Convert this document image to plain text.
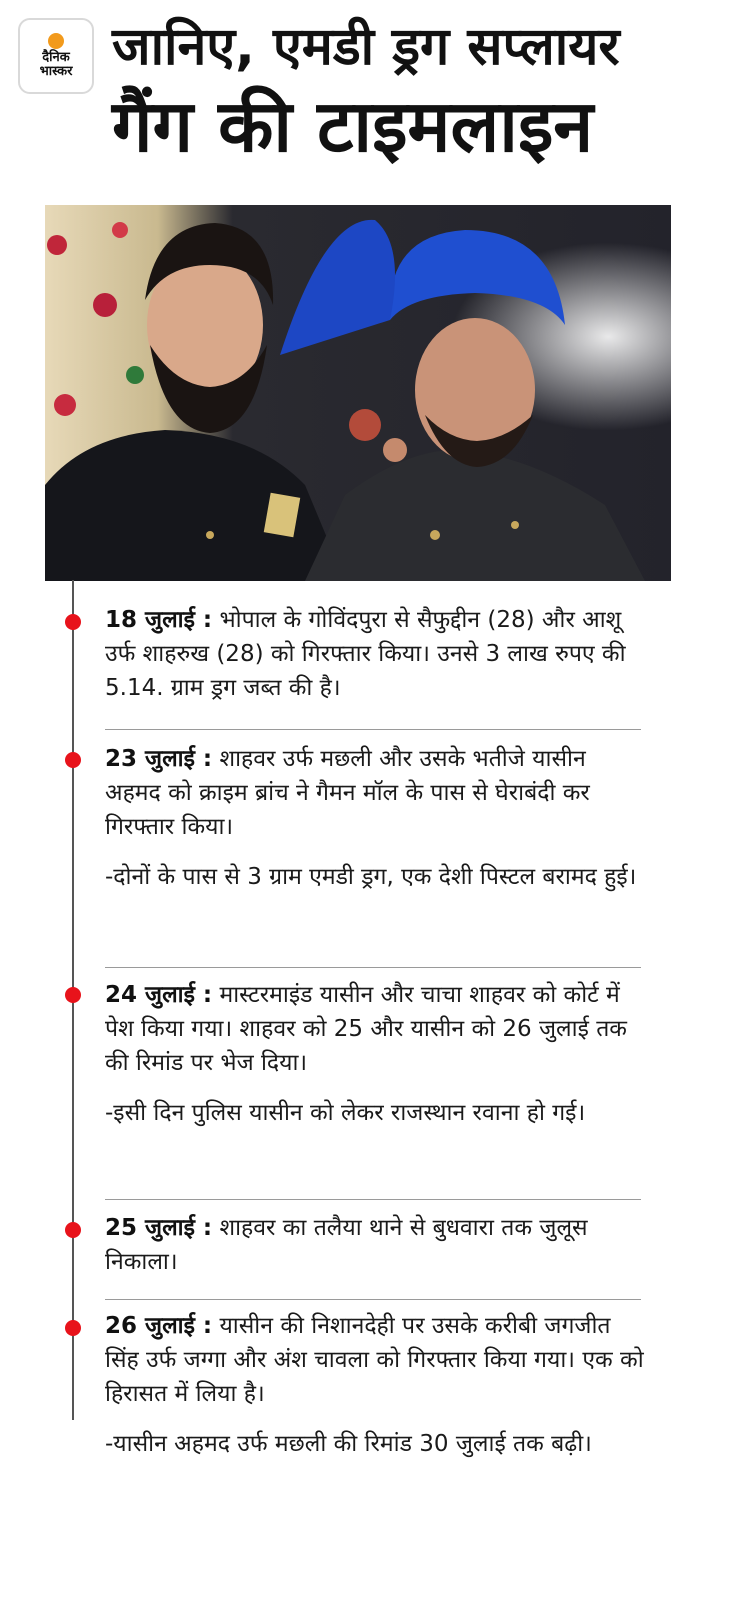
दैनिक
भास्कर जानिए, एमडी ड्रग सप्लायर
गैंग की टाइमलाइन

18 जुलाई : भोपाल के गोविंदपुरा से सैफुद्दीन (28) और आशू उर्फ शाहरुख (28) को गिरफ्तार किया। उनसे 3 लाख रुपए की 5.14. ग्राम ड्रग जब्त की है।

23 जुलाई : शाहवर उर्फ मछली और उसके भतीजे यासीन अहमद को क्राइम ब्रांच ने गैमन मॉल के पास से घेराबंदी कर गिरफ्तार किया।

-दोनों के पास से 3 ग्राम एमडी ड्रग, एक देशी पिस्टल बरामद हुई।

24 जुलाई : मास्टरमाइंड यासीन और चाचा शाहवर को कोर्ट में पेश किया गया। शाहवर को 25 और यासीन को 26 जुलाई तक की रिमांड पर भेज दिया।

-इसी दिन पुलिस यासीन को लेकर राजस्थान रवाना हो गई।

25 जुलाई : शाहवर का तलैया थाने से बुधवारा तक जुलूस निकाला।

26 जुलाई : यासीन की निशानदेही पर उसके करीबी जगजीत सिंह उर्फ जग्गा और अंश चावला को गिरफ्तार किया गया। एक को हिरासत में लिया है।

-यासीन अहमद उर्फ मछली की रिमांड 30 जुलाई तक बढ़ी।
